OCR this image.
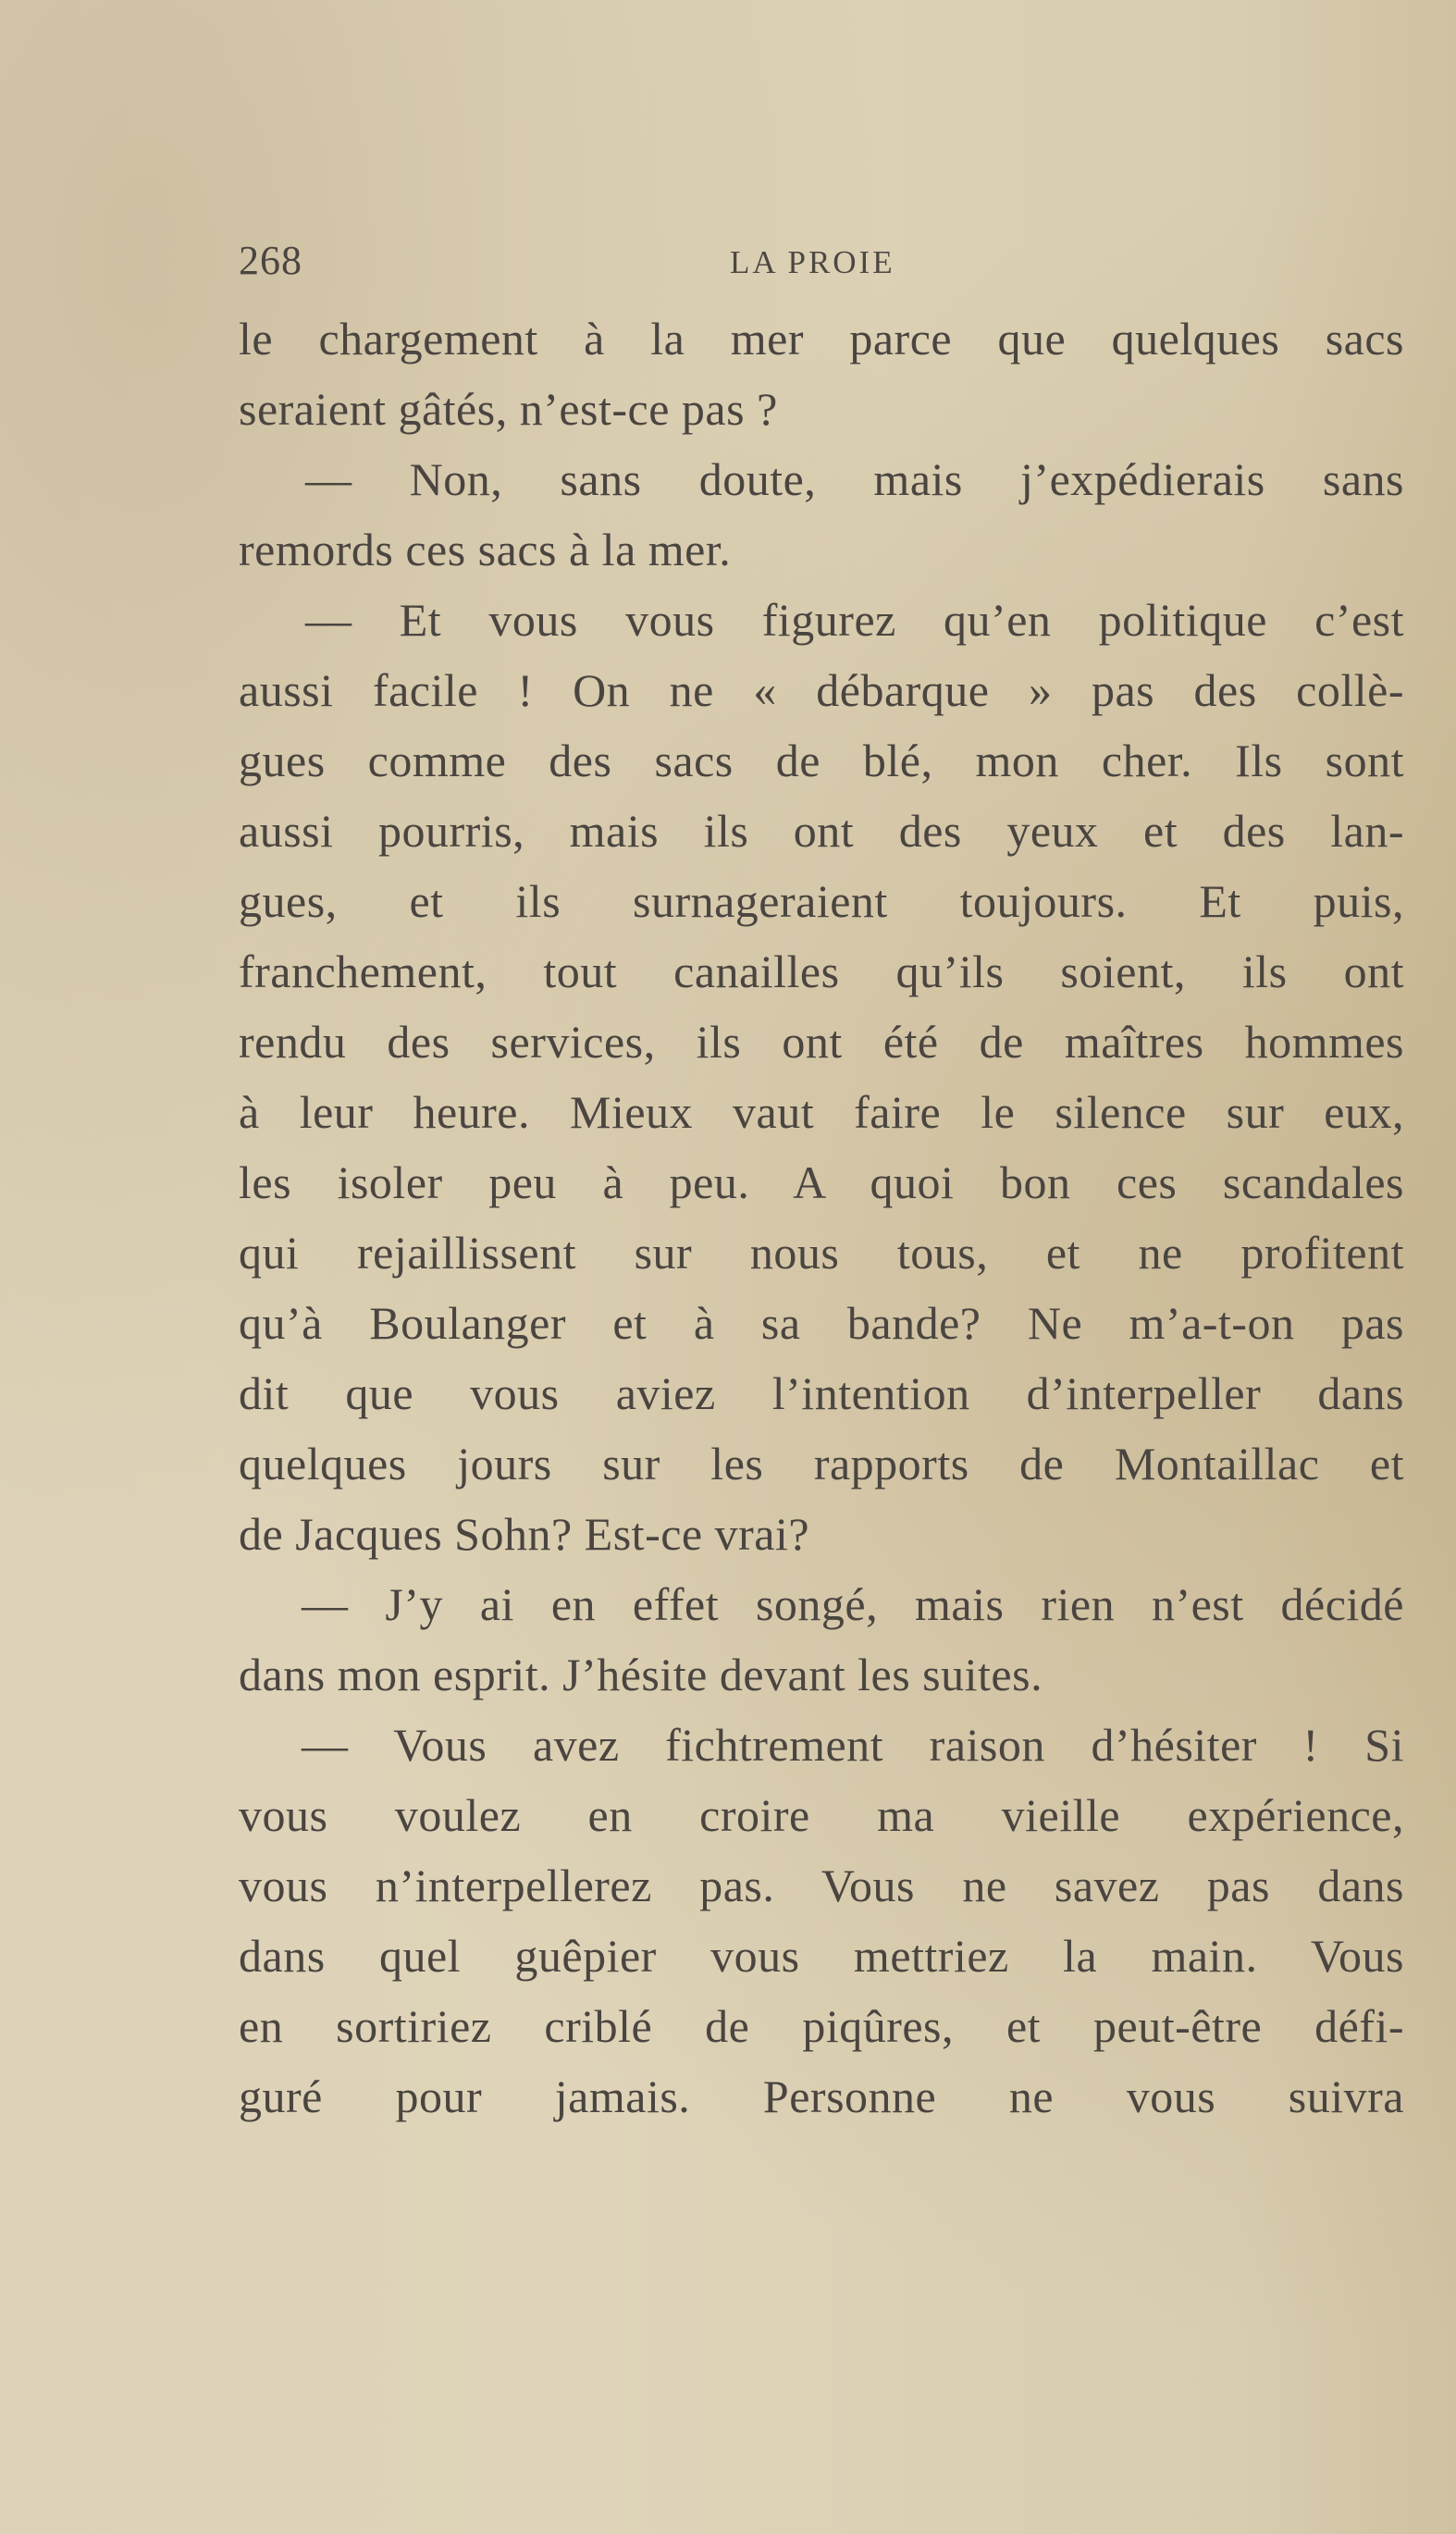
268	LA PROIE
le chargement à la mer parce que quelques sacs
seraient gâtés, n’est-ce pas ?
— Non, sans doute, mais j’expédierais sans
remords ces sacs à la mer.
— Et vous vous figurez qu’en politique c’est
aussi facile ! On ne « débarque » pas des collè-
gues comme des sacs de blé, mon cher. Ils sont
aussi pourris, mais ils ont des yeux et des lan-
gues, et ils surnageraient toujours. Et puis,
franchement, tout canailles qu’ils soient, ils ont
rendu des services, ils ont été de maîtres hommes
à leur heure. Mieux vaut faire le silence sur eux,
les isoler peu à peu. A quoi bon ces scandales
qui rejaillissent sur nous tous, et ne profitent
qu’à Boulanger et à sa bande? Ne m’a-t-on pas
dit que vous aviez l’intention d’interpeller dans
quelques jours sur les rapports de Montaillac et
de Jacques Sohn? Est-ce vrai?
— J’y ai en effet songé, mais rien n’est décidé
dans mon esprit. J’hésite devant les suites.
— Vous avez fichtrement raison d’hésiter ! Si
vous voulez en croire ma vieille expérience,
vous n’interpellerez pas. Vous ne savez pas dans
dans quel guêpier vous mettriez la main. Vous
en sortiriez criblé de piqûres, et peut-être défi-
guré pour jamais. Personne ne vous suivra
